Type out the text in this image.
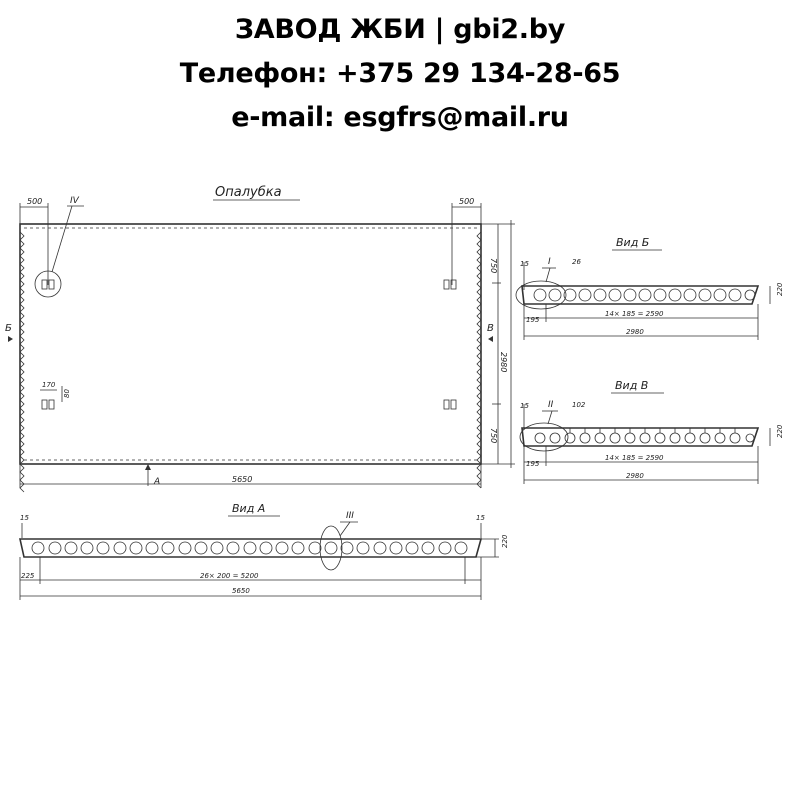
ЗАВОД ЖБИ | gbi2.by
Телефон: +375 29 134-28-65
e-mail: esgfrs@mail.ru
Опалубка
500	500
IV
170
80
Б	В
750
750
2980
А	5650
Вид Б
15 I	26
220
195
14× 185 = 2590
2980
Вид В
15 II	102
220
195
14× 185 = 2590
2980
Вид А
15	15
III
220
225	26× 200 = 5200
5650
